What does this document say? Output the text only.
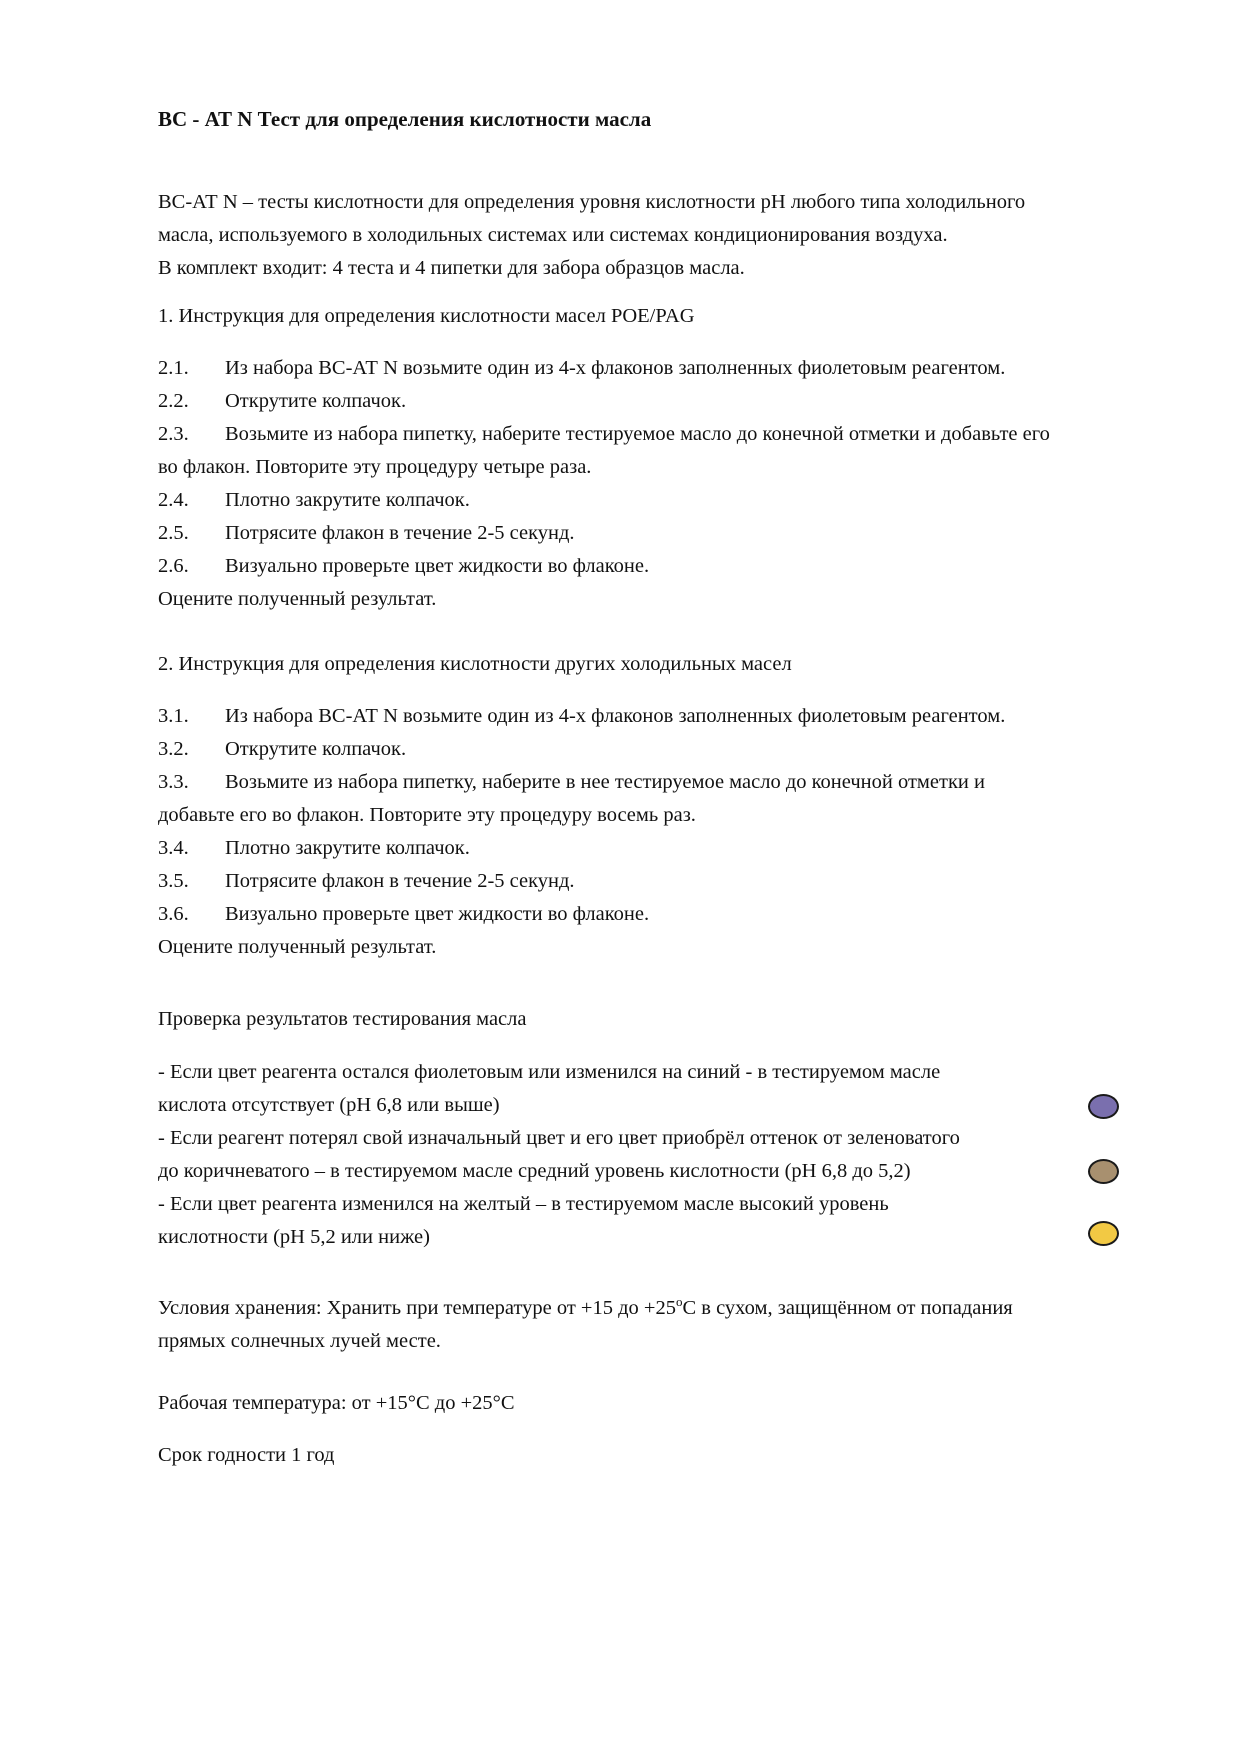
ВС - АТ N Тест для определения кислотности масла

ВС-АТ N – тесты кислотности для определения уровня кислотности рН любого типа холодильного масла, используемого в холодильных системах или системах кондиционирования воздуха.

В комплект входит: 4 теста и 4 пипетки для забора образцов масла.

1. Инструкция для определения кислотности масел POE/PAG

2.1. Из набора ВС-АТ N возьмите один из 4-х флаконов заполненных фиолетовым реагентом.

2.2. Открутите колпачок.

2.3. Возьмите из набора пипетку, наберите тестируемое масло до конечной отметки и добавьте его во флакон. Повторите эту процедуру четыре раза.

2.4. Плотно закрутите колпачок.

2.5. Потрясите флакон в течение 2-5 секунд.

2.6. Визуально проверьте цвет жидкости во флаконе.

Оцените полученный результат.

2. Инструкция для определения кислотности других холодильных масел

3.1. Из набора ВС-АТ N возьмите один из 4-х флаконов заполненных фиолетовым реагентом.

3.2. Открутите колпачок.

3.3. Возьмите из набора пипетку, наберите в нее тестируемое масло до конечной отметки и добавьте его во флакон. Повторите эту процедуру восемь раз.

3.4. Плотно закрутите колпачок.

3.5. Потрясите флакон в течение 2-5 секунд.

3.6. Визуально проверьте цвет жидкости во флаконе.

Оцените полученный результат.

Проверка результатов тестирования масла

- Если цвет реагента остался фиолетовым или изменился на синий - в тестируемом масле кислота отсутствует (рН 6,8 или выше)

- Если реагент потерял свой изначальный цвет и его цвет приобрёл оттенок от зеленоватого до коричневатого – в тестируемом масле средний уровень кислотности (рН 6,8 до 5,2)

- Если цвет реагента изменился на желтый – в тестируемом масле высокий уровень кислотности (рН 5,2 или ниже)

Условия хранения: Хранить при температуре от +15 до $+25^оС$ в сухом, защищённом от попадания прямых солнечных лучей месте.

Рабочая температура: от +15°С до +25°С

Срок годности 1 год
